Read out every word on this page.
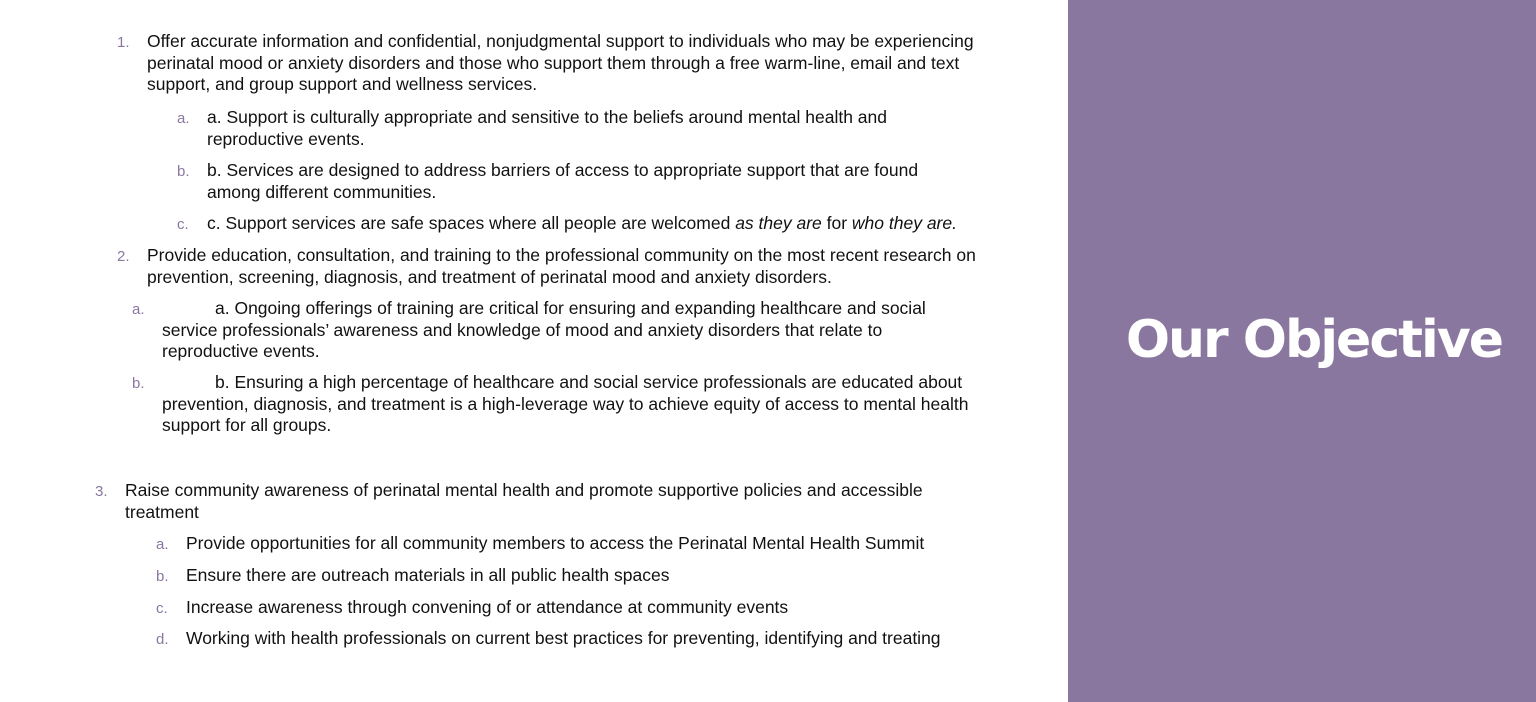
1. Offer accurate information and confidential, nonjudgmental support to individuals who may be experiencing perinatal mood or anxiety disorders and those who support them through a free warm-line, email and text support, and group support and wellness services.
a. a. Support is culturally appropriate and sensitive to the beliefs around mental health and reproductive events.
b. b. Services are designed to address barriers of access to appropriate support that are found among different communities.
c. c. Support services are safe spaces where all people are welcomed as they are for who they are.
2. Provide education, consultation, and training to the professional community on the most recent research on prevention, screening, diagnosis, and treatment of perinatal mood and anxiety disorders.
a.	a. Ongoing offerings of training are critical for ensuring and expanding healthcare and social service professionals’ awareness and knowledge of mood and anxiety disorders that relate to reproductive events.
b.	b. Ensuring a high percentage of healthcare and social service professionals are educated about prevention, diagnosis, and treatment is a high-leverage way to achieve equity of access to mental health support for all groups.
3. Raise community awareness of perinatal mental health and promote supportive policies and accessible treatment
a. Provide opportunities for all community members to access the Perinatal Mental Health Summit
b. Ensure there are outreach materials in all public health spaces
c. Increase awareness through convening of or attendance at community events
d. Working with health professionals on current best practices for preventing, identifying and treating
Our Objective
